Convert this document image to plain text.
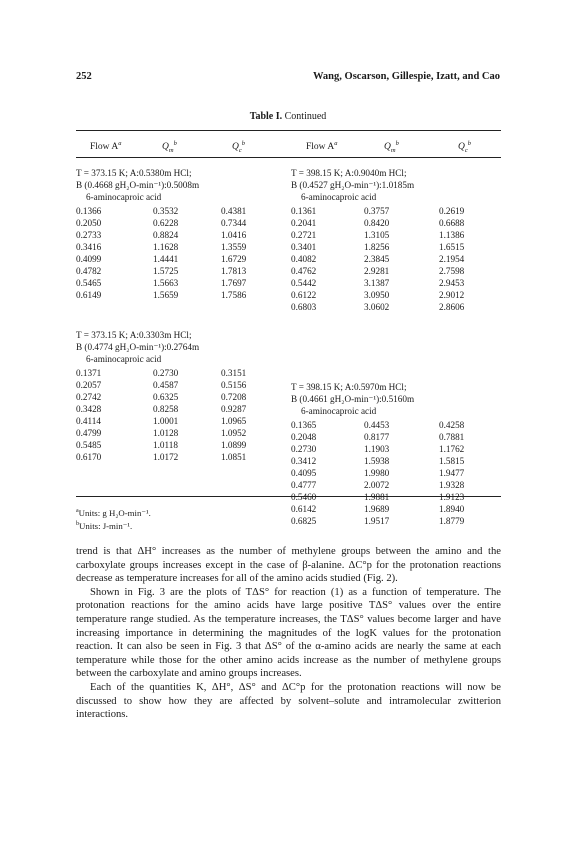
252	Wang, Oscarson, Gillespie, Izatt, and Cao
Table I. Continued
Flow $A^a$	$Q_m^b$	$Q_c^b$	Flow $A^a$	$Q_m^b$	$Q_c^b$
T = 373.15 K; A:0.5380m HCl;
B (0.4668 gH₂O-min⁻¹):0.5008m
6-aminocaproic acid
0.1366	0.3532	0.4381
0.2050	0.6228	0.7344
0.2733	0.8824	1.0416
0.3416	1.1628	1.3559
0.4099	1.4441	1.6729
0.4782	1.5725	1.7813
0.5465	1.5663	1.7697
0.6149	1.5659	1.7586
T = 373.15 K; A:0.3303m HCl;
B (0.4774 gH₂O-min⁻¹):0.2764m
6-aminocaproic acid
0.1371	0.2730	0.3151
0.2057	0.4587	0.5156
0.2742	0.6325	0.7208
0.3428	0.8258	0.9287
0.4114	1.0001	1.0965
0.4799	1.0128	1.0952
0.5485	1.0118	1.0899
0.6170	1.0172	1.0851
T = 398.15 K; A:0.9040m HCl;
B (0.4527 gH₂O-min⁻¹):1.0185m
6-aminocaproic acid
0.1361	0.3757	0.2619
0.2041	0.8420	0.6688
0.2721	1.3105	1.1386
0.3401	1.8256	1.6515
0.4082	2.3845	2.1954
0.4762	2.9281	2.7598
0.5442	3.1387	2.9453
0.6122	3.0950	2.9012
0.6803	3.0602	2.8606
T = 398.15 K; A:0.5970m HCl;
B (0.4661 gH₂O-min⁻¹):0.5160m
6-aminocaproic acid
0.1365	0.4453	0.4258
0.2048	0.8177	0.7881
0.2730	1.1903	1.1762
0.3412	1.5938	1.5815
0.4095	1.9980	1.9477
0.4777	2.0072	1.9328
0.5460	1.9881	1.9123
0.6142	1.9689	1.8940
0.6825	1.9517	1.8779
$^a$Units: g H₂O-min⁻¹.
$^b$Units: J-min⁻¹.

trend is that ΔH° increases as the number of methylene groups between the amino and the carboxylate groups increases except in the case of β-alanine. ΔC°p for the protonation reactions decrease as temperature increases for all of the amino acids studied (Fig. 2).

Shown in Fig. 3 are the plots of TΔS° for reaction (1) as a function of temperature. The protonation reactions for the amino acids have large positive TΔS° values over the entire temperature range studied. As the temperature increases, the TΔS° values become larger and have increasing importance in determining the magnitudes of the logK values for the protonation reaction. It can also be seen in Fig. 3 that ΔS° of the α-amino acids are nearly the same at each temperature while those for the other amino acids increase as the number of methylene groups between the carboxylate and amino groups increases.

Each of the quantities K, ΔH°, ΔS° and ΔC°p for the protonation reactions will now be discussed to show how they are affected by solvent–solute and intramolecular zwitterion interactions.
